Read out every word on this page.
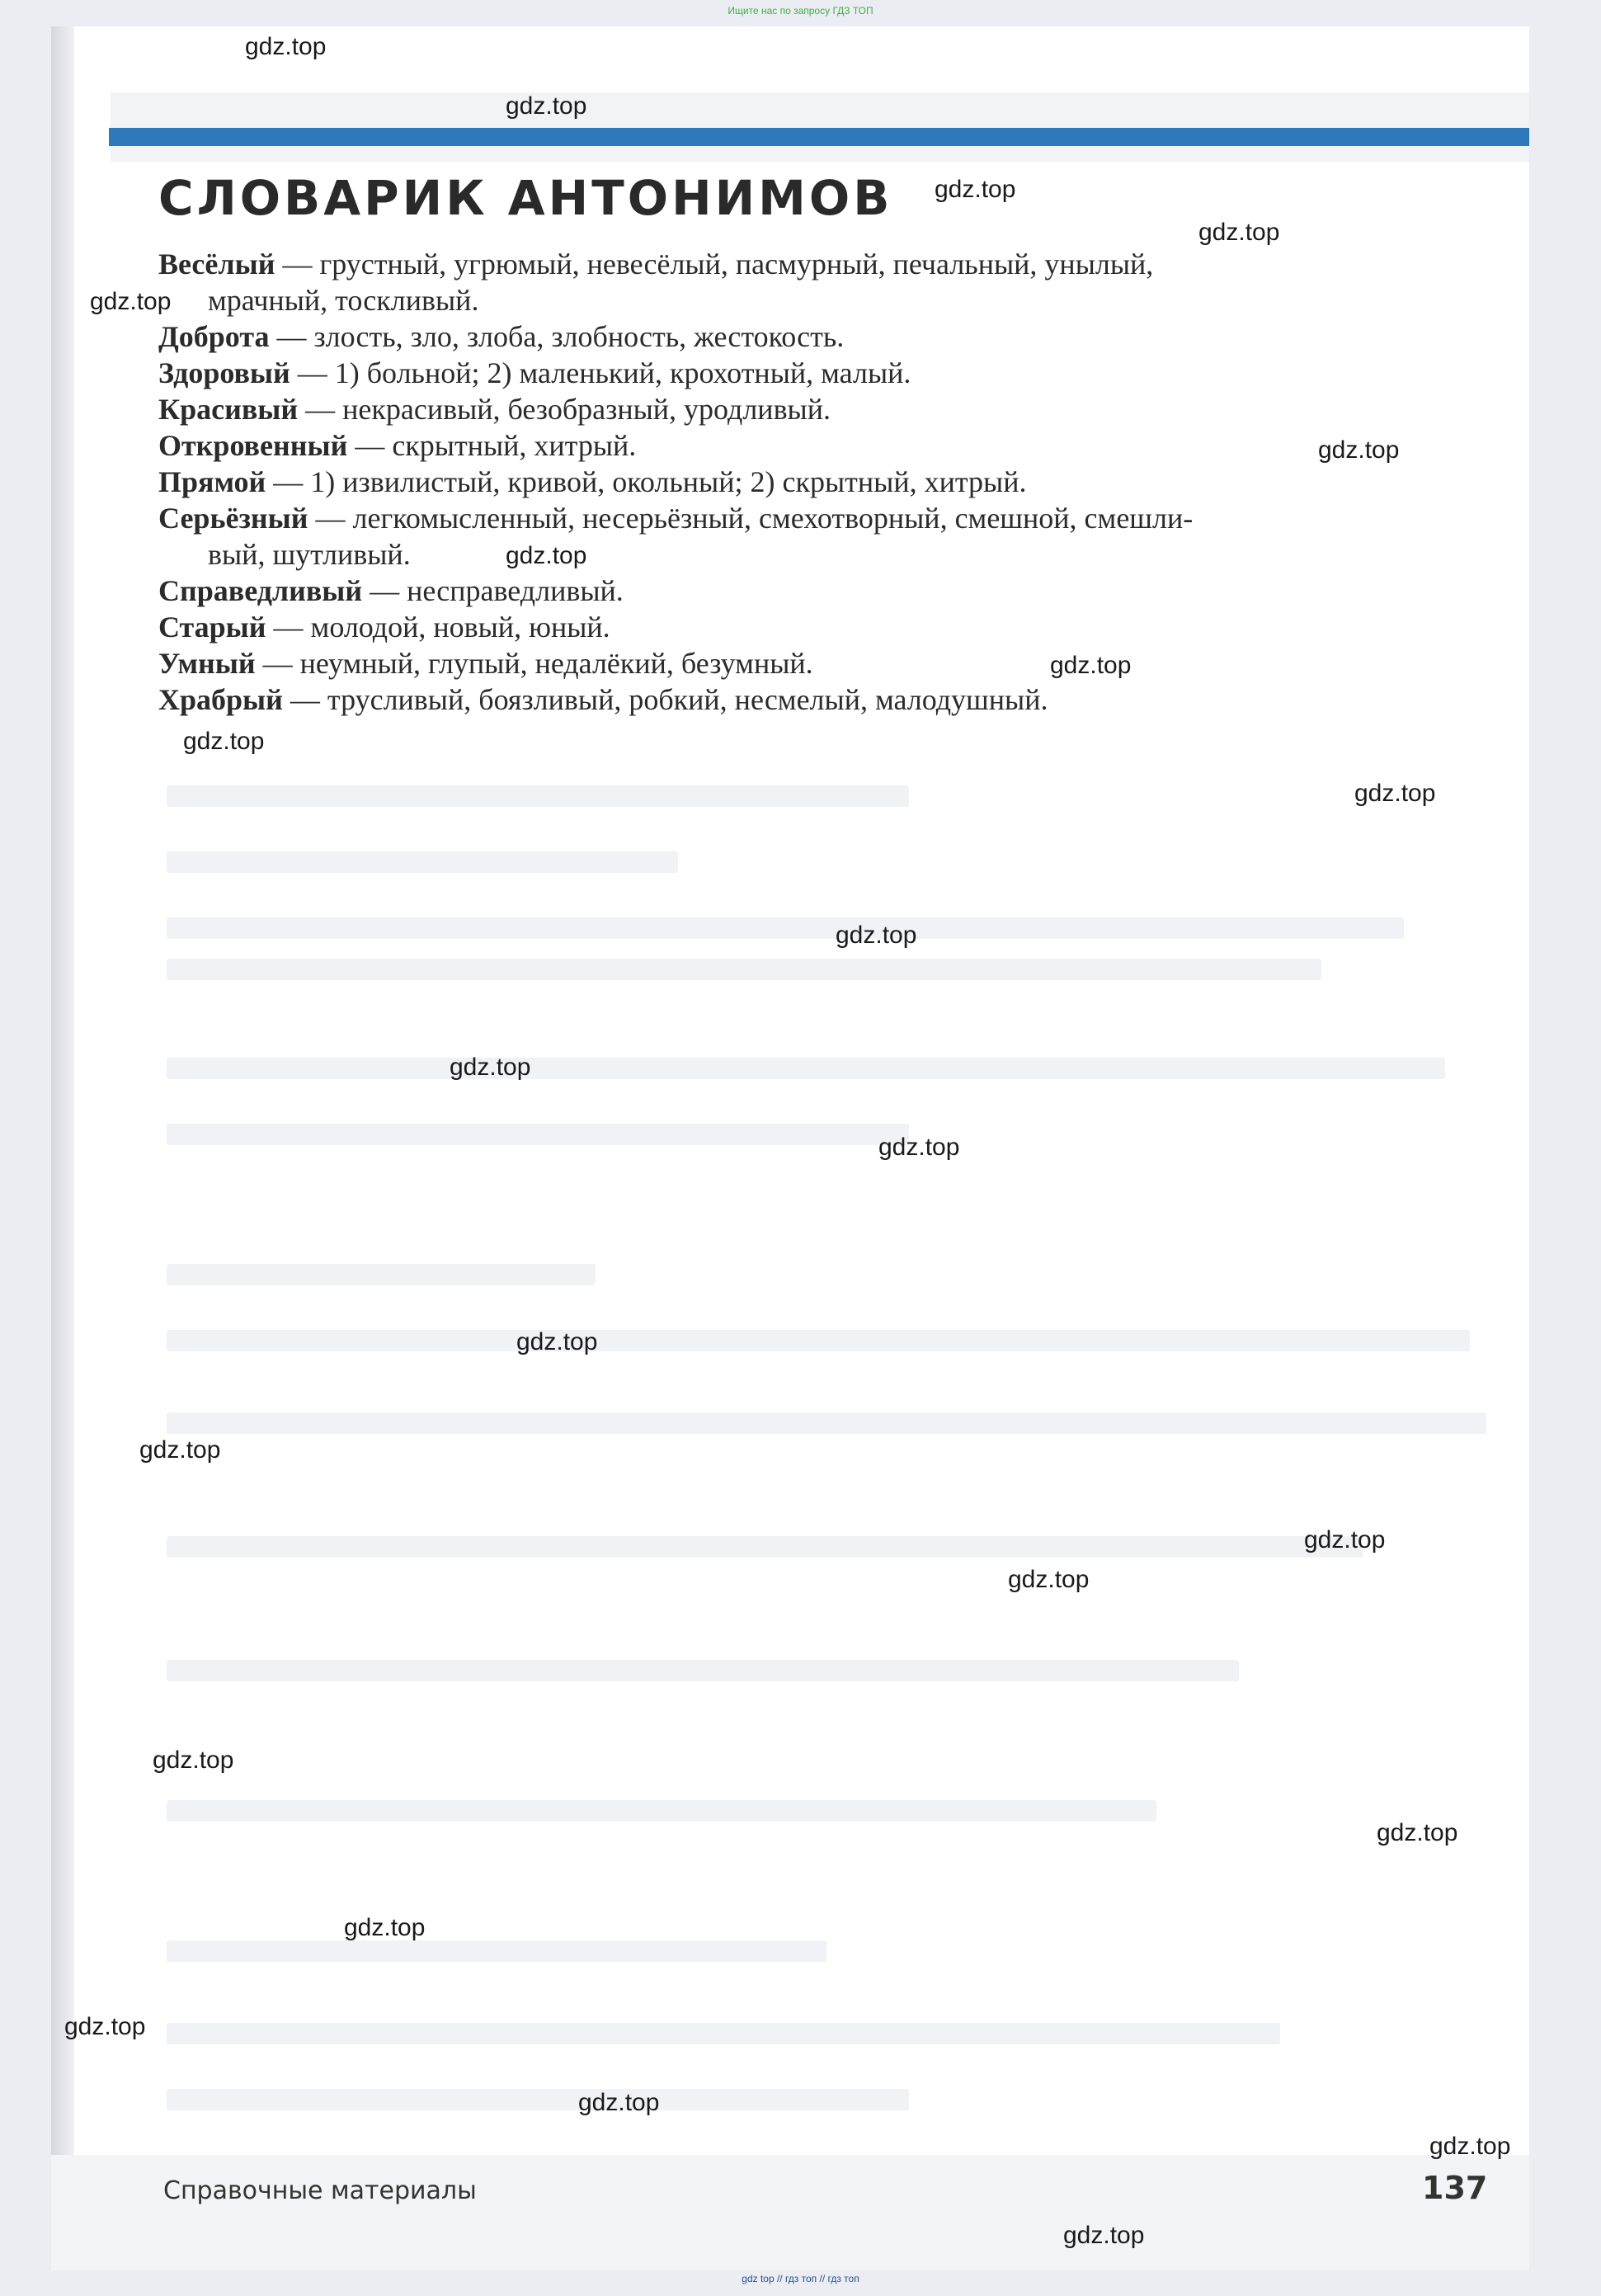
Ищите нас по запросу ГДЗ ТОП
СЛОВАРИК АНТОНИМОВ

Весёлый — грустный, угрюмый, невесёлый, пасмурный, печальный, унылый,
мрачный, тоскливый.

Доброта — злость, зло, злоба, злобность, жестокость.

Здоровый — 1) больной; 2) маленький, крохотный, малый.

Красивый — некрасивый, безобразный, уродливый.

Откровенный — скрытный, хитрый.

Прямой — 1) извилистый, кривой, окольный; 2) скрытный, хитрый.

Серьёзный — легкомысленный, несерьёзный, смехотворный, смешной, смешли-
вый, шутливый.

Справедливый — несправедливый.

Старый — молодой, новый, юный.

Умный — неумный, глупый, недалёкий, безумный.

Храбрый — трусливый, боязливый, робкий, несмелый, малодушный.

Справочные материалы	137
gdz.top
gdz.top
gdz.top
gdz.top
gdz.top
gdz.top
gdz.top
gdz.top
gdz.top
gdz.top
gdz.top
gdz.top
gdz.top
gdz.top
gdz.top
gdz.top
gdz.top
gdz.top
gdz.top
gdz.top
gdz.top
gdz.top
gdz.top
gdz.top
gdz top // гдз топ // гдз топ
